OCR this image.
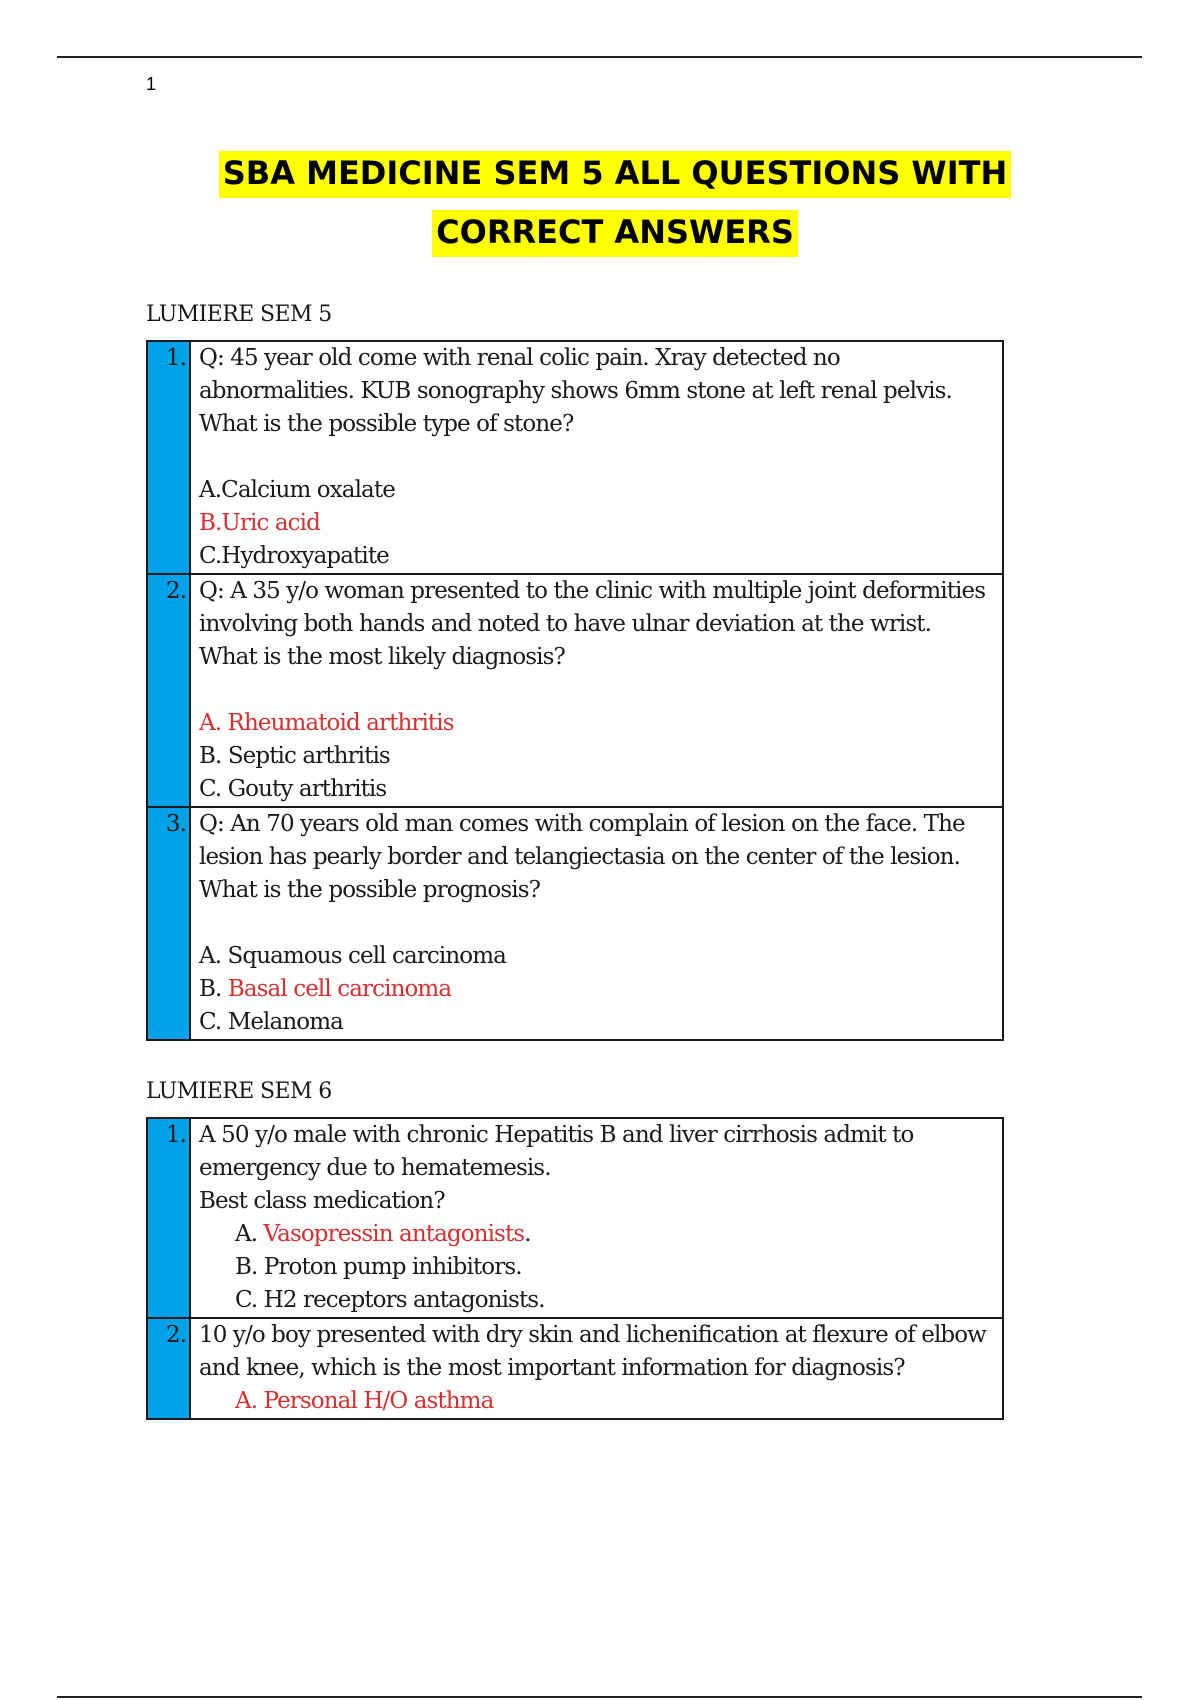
1
SBA MEDICINE SEM 5 ALL QUESTIONS WITH
CORRECT ANSWERS
LUMIERE SEM 5
1.	Q: 45 year old come with renal colic pain. Xray detected no abnormalities. KUB sonography shows 6mm stone at left renal pelvis. What is the possible type of stone?
A.Calcium oxalate
B.Uric acid
C.Hydroxyapatite

2.	Q: A 35 y/o woman presented to the clinic with multiple joint deformities involving both hands and noted to have ulnar deviation at the wrist. What is the most likely diagnosis?
A. Rheumatoid arthritis
B. Septic arthritis
C. Gouty arthritis

3.	Q: An 70 years old man comes with complain of lesion on the face. The lesion has pearly border and telangiectasia on the center of the lesion. What is the possible prognosis?
A. Squamous cell carcinoma
B. Basal cell carcinoma
C. Melanoma
LUMIERE SEM 6
1.	A 50 y/o male with chronic Hepatitis B and liver cirrhosis admit to emergency due to hematemesis.
Best class medication?
A. Vasopressin antagonists.
B. Proton pump inhibitors.
C. H2 receptors antagonists.

2.	10 y/o boy presented with dry skin and lichenification at flexure of elbow and knee, which is the most important information for diagnosis?
A. Personal H/O asthma
